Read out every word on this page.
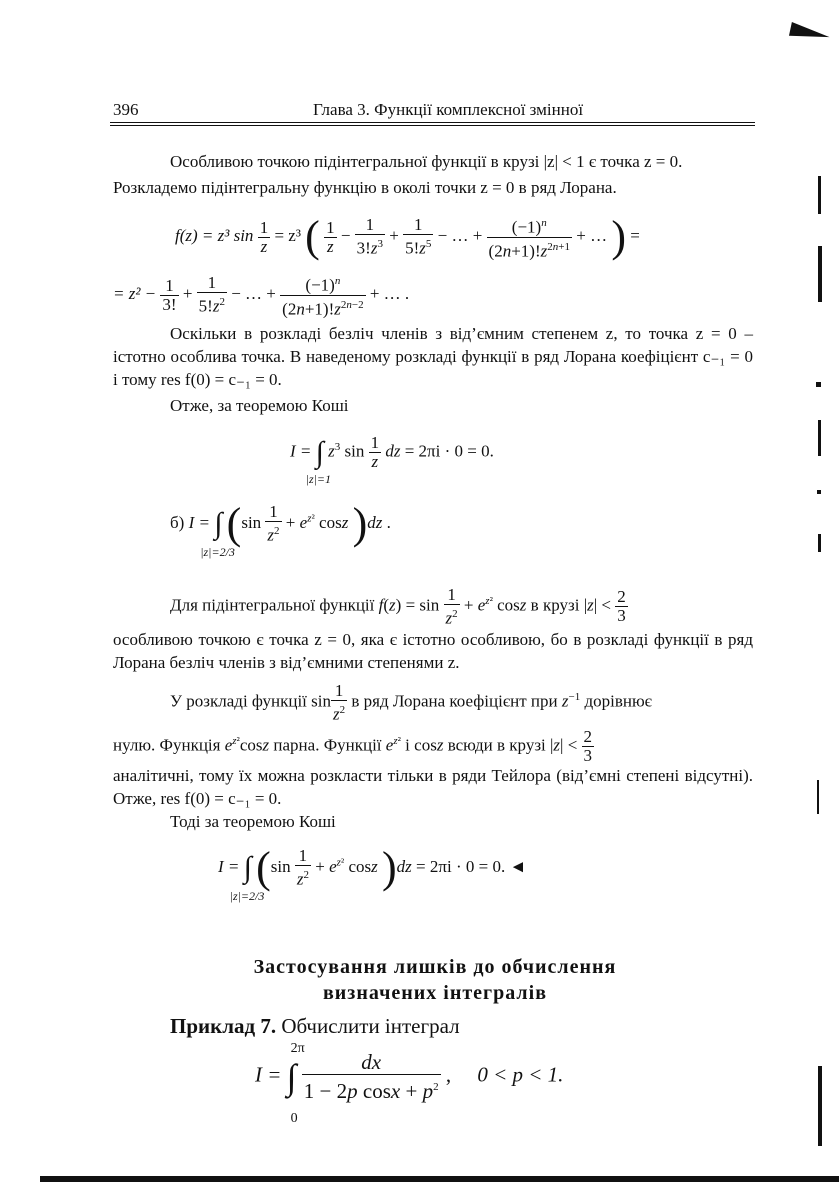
396	Глава 3. Функції комплексної змінної
Особливою точкою підінтегральної функції в крузі |z| < 1 є точка z = 0.
Розкладемо підінтегральну функцію в околі точки z = 0 в ряд Лорана.
f(z) = z³ $\sin \frac{1}{z} = z^3$ ( $\frac{1}{z} - \frac{1}{3!z^3} + \frac{1}{5!z^5}$ − … + $\frac{(-1)^n}{(2n+1)!z^{2n+1}}$ + … ) =
= $z^2 - \frac{1}{3!} + \frac{1}{5!z^2}$ − … + $\frac{(-1)^n}{(2n+1)!z^{2n-2}}$ + … .
Оскільки в розкладі безліч членів з від’ємним степенем z, то точка z = 0 – істотно особлива точка. В наведеному розкладі функції в ряд Лорана коефіцієнт c₋₁ = 0 і тому res f(0) = c₋₁ = 0.
Отже, за теоремою Коші
I = ∫
|z|=1
$z^3$ $\sin \frac{1}{z}$ dz = 2πi · 0 = 0.
б) I = ∫
|z|=2/3
($\sin \frac{1}{z^2} + e^{z^2}$ cosz )dz .
Для підінтегральної функції $f(z) = \sin \frac{1}{z^2} + e^{z^2}$ cosz в крузі $|z| < \frac{2}{3}$
особливою точкою є точка z = 0, яка є істотно особливою, бо в розкладі функції в ряд Лорана безліч членів з від’ємними степенями z.
У розкладі функції $\sin \frac{1}{z^2}$ в ряд Лорана коефіцієнт при $z^{-1}$ дорівнює
нулю. Функція $e^{z^2}\cos z$ парна. Функції $e^{z^2}$ і cosz всюди в крузі $|z| < \frac{2}{3}$
аналітичні, тому їх можна розкласти тільки в ряди Тейлора (від’ємні степені відсутні). Отже, res f(0) = c₋₁ = 0.
Тоді за теоремою Коші
I = ∫
|z|=2/3
($\sin \frac{1}{z^2} + e^{z^2}$ cosz )dz = 2πi · 0 = 0. ◄
Застосування лишків до обчислення
визначених інтегралів
Приклад 7. Обчислити інтеграл
I = ∫
2π
0

$\frac{dx}{1 - 2p \cos x + p^2}$ ,     0 < p < 1.
